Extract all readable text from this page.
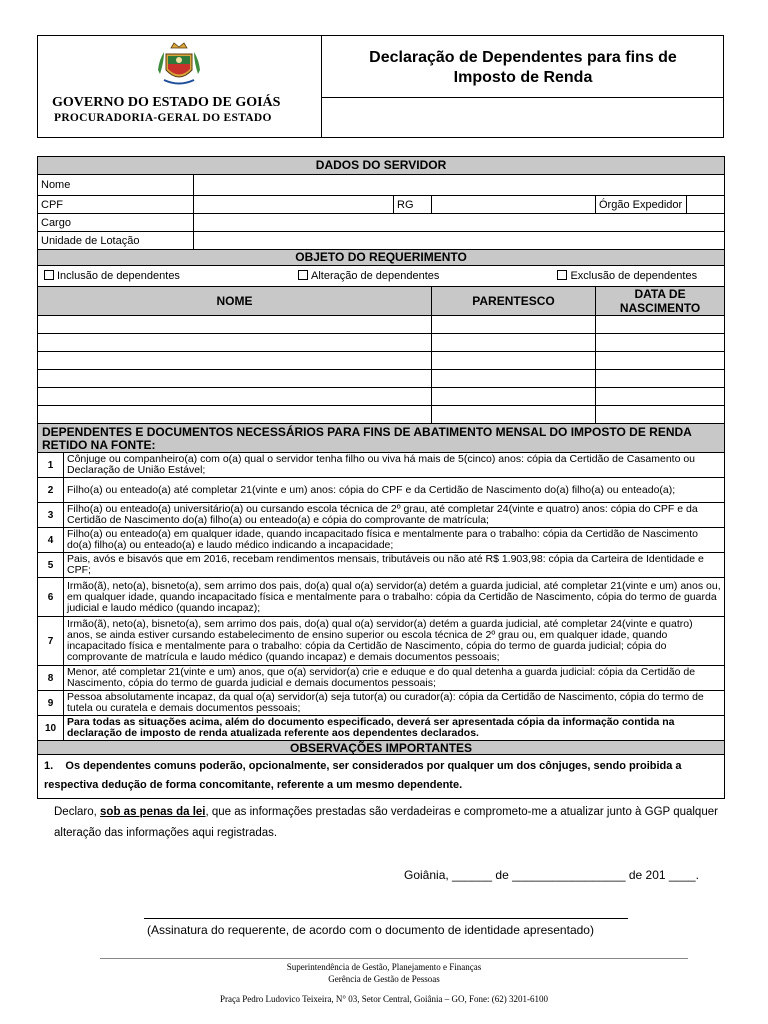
GOVERNO DO ESTADO DE GOIÁS
PROCURADORIA-GERAL DO ESTADO
Declaração de Dependentes para fins de
Imposto de Renda
DADOS DO SERVIDOR						
Nome						
CPF			RG		Órgão Expedidor	
Cargo						
Unidade de Lotação						
OBJETO DO REQUERIMENTO						

Inclusão de dependentes Alteração de dependentes Exclusão de dependentes						

NOME				PARENTESCO	DATA DE NASCIMENTO	

DEPENDENTES E DOCUMENTOS NECESSÁRIOS PARA FINS DE ABATIMENTO MENSAL DO IMPOSTO DE RENDA RETIDO NA FONTE:						
1	Cônjuge ou companheiro(a) com o(a) qual o servidor tenha filho ou viva há mais de 5(cinco) anos: cópia da Certidão de Casamento ou Declaração de União Estável;					
2	Filho(a) ou enteado(a) até completar 21(vinte e um) anos: cópia do CPF e da Certidão de Nascimento do(a) filho(a) ou enteado(a);					
3	Filho(a) ou enteado(a) universitário(a) ou cursando escola técnica de 2º grau, até completar 24(vinte e quatro) anos: cópia do CPF e da Certidão de Nascimento do(a) filho(a) ou enteado(a) e cópia do comprovante de matrícula;					
4	Filho(a) ou enteado(a) em qualquer idade, quando incapacitado física e mentalmente para o trabalho: cópia da Certidão de Nascimento do(a) filho(a) ou enteado(a) e laudo médico indicando a incapacidade;					
5	Pais, avós e bisavós que em 2016, recebam rendimentos mensais, tributáveis ou não até R$ 1.903,98: cópia da Carteira de Identidade e CPF;					
6	Irmão(ã), neto(a), bisneto(a), sem arrimo dos pais, do(a) qual o(a) servidor(a) detém a guarda judicial, até completar 21(vinte e um) anos ou, em qualquer idade, quando incapacitado física e mentalmente para o trabalho: cópia da Certidão de Nascimento, cópia do termo de guarda judicial e laudo médico (quando incapaz);					
7	Irmão(ã), neto(a), bisneto(a), sem arrimo dos pais, do(a) qual o(a) servidor(a) detém a guarda judicial, até completar 24(vinte e quatro) anos, se ainda estiver cursando estabelecimento de ensino superior ou escola técnica de 2º grau ou, em qualquer idade, quando incapacitado física e mentalmente para o trabalho: cópia da Certidão de Nascimento, cópia do termo de guarda judicial; cópia do comprovante de matrícula e laudo médico (quando incapaz) e demais documentos pessoais;					
8	Menor, até completar 21(vinte e um) anos, que o(a) servidor(a) crie e eduque e do qual detenha a guarda judicial: cópia da Certidão de Nascimento, cópia do termo de guarda judicial e demais documentos pessoais;					
9	Pessoa absolutamente incapaz, da qual o(a) servidor(a) seja tutor(a) ou curador(a): cópia da Certidão de Nascimento, cópia do termo de tutela ou curatela e demais documentos pessoais;					
10	Para todas as situações acima, além do documento especificado, deverá ser apresentada cópia da informação contida na declaração de imposto de renda atualizada referente aos dependentes declarados.					
OBSERVAÇÕES IMPORTANTES						
1. Os dependentes comuns poderão, opcionalmente, ser considerados por qualquer um dos cônjuges, sendo proibida a respectiva dedução de forma concomitante, referente a um mesmo dependente.						
Declaro, sob as penas da lei, que as informações prestadas são verdadeiras e comprometo-me a atualizar junto à GGP qualquer alteração das informações aqui registradas.
Goiânia, ______ de _________________ de 201 ____.
(Assinatura do requerente, de acordo com o documento de identidade apresentado)
Superintendência de Gestão, Planejamento e Finanças
Gerência de Gestão de Pessoas
Praça Pedro Ludovico Teixeira, N° 03, Setor Central, Goiânia – GO, Fone: (62) 3201-6100
